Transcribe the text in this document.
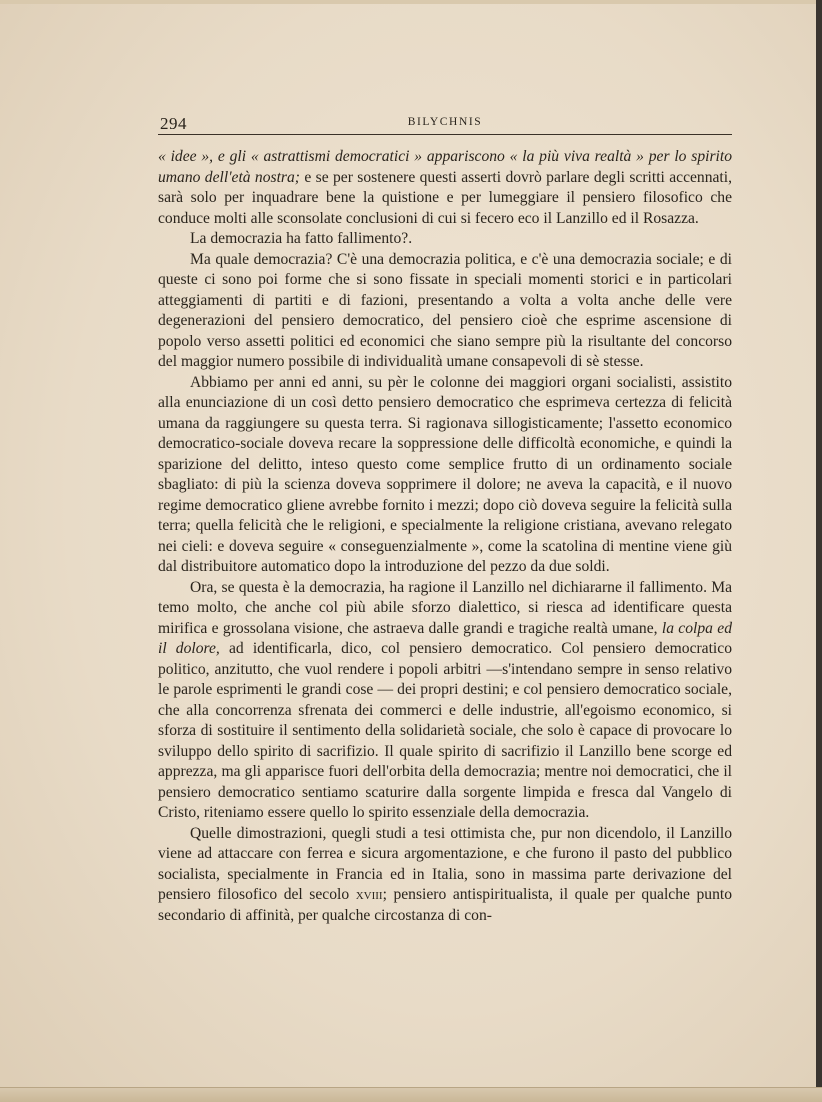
294	BILYCHNIS

« idee », e gli « astrattismi democratici » appariscono « la più viva realtà » per lo spirito umano dell'età nostra; e se per sostenere questi asserti dovrò parlare degli scritti accennati, sarà solo per inquadrare bene la quistione e per lumeggiare il pensiero filosofico che conduce molti alle sconsolate conclusioni di cui si fecero eco il Lanzillo ed il Rosazza.

La democrazia ha fatto fallimento?.

Ma quale democrazia? C'è una democrazia politica, e c'è una democrazia sociale; e di queste ci sono poi forme che si sono fissate in speciali momenti storici e in particolari atteggiamenti di partiti e di fazioni, presentando a volta a volta anche delle vere degenerazioni del pensiero democratico, del pensiero cioè che esprime ascensione di popolo verso assetti politici ed economici che siano sempre più la risultante del concorso del maggior numero possibile di individualità umane consapevoli di sè stesse.

Abbiamo per anni ed anni, su pèr le colonne dei maggiori organi socialisti, assistito alla enunciazione di un così detto pensiero democratico che esprimeva certezza di felicità umana da raggiungere su questa terra. Si ragionava sillogisticamente; l'assetto economico democratico-sociale doveva recare la soppressione delle difficoltà economiche, e quindi la sparizione del delitto, inteso questo come semplice frutto di un ordinamento sociale sbagliato: di più la scienza doveva sopprimere il dolore; ne aveva la capacità, e il nuovo regime democratico gliene avrebbe fornito i mezzi; dopo ciò doveva seguire la felicità sulla terra; quella felicità che le religioni, e specialmente la religione cristiana, avevano relegato nei cieli: e doveva seguire « conseguenzialmente », come la scatolina di mentine viene giù dal distribuitore automatico dopo la introduzione del pezzo da due soldi.

Ora, se questa è la democrazia, ha ragione il Lanzillo nel dichiararne il fallimento. Ma temo molto, che anche col più abile sforzo dialettico, si riesca ad identificare questa mirifica e grossolana visione, che astraeva dalle grandi e tragiche realtà umane, la colpa ed il dolore, ad identificarla, dico, col pensiero democratico. Col pensiero democratico politico, anzitutto, che vuol rendere i popoli arbitri —s'intendano sempre in senso relativo le parole esprimenti le grandi cose — dei propri destini; e col pensiero democratico sociale, che alla concorrenza sfrenata dei commerci e delle industrie, all'egoismo economico, si sforza di sostituire il sentimento della solidarietà sociale, che solo è capace di provocare lo sviluppo dello spirito di sacrifizio. Il quale spirito di sacrifizio il Lanzillo bene scorge ed apprezza, ma gli apparisce fuori dell'orbita della democrazia; mentre noi democratici, che il pensiero democratico sentiamo scaturire dalla sorgente limpida e fresca dal Vangelo di Cristo, riteniamo essere quello lo spirito essenziale della democrazia.

Quelle dimostrazioni, quegli studi a tesi ottimista che, pur non dicendolo, il Lanzillo viene ad attaccare con ferrea e sicura argomentazione, e che furono il pasto del pubblico socialista, specialmente in Francia ed in Italia, sono in massima parte derivazione del pensiero filosofico del secolo xviii; pensiero antispiritualista, il quale per qualche punto secondario di affinità, per qualche circostanza di con-
